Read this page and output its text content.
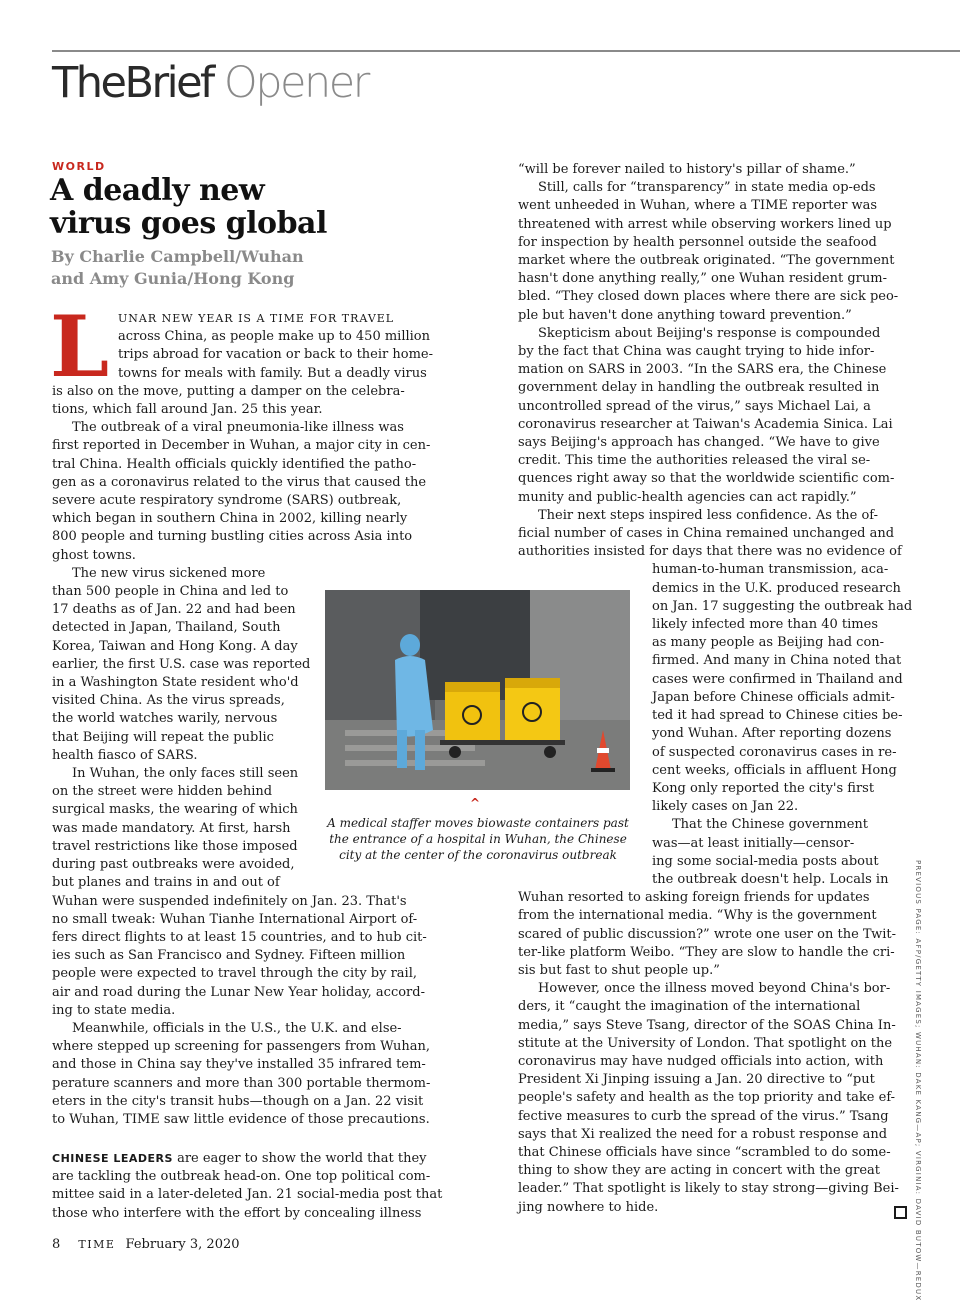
TheBrief Opener
WORLD
A deadly new
virus goes global
By Charlie Campbell/Wuhan
and Amy Gunia/Hong Kong
L UNAR NEW YEAR IS A TIME FOR TRAVEL
across China, as people make up to 450 million
trips abroad for vacation or back to their home-
towns for meals with family. But a deadly virus
is also on the move, putting a damper on the celebra-
tions, which fall around Jan. 25 this year.
The outbreak of a viral pneumonia-like illness was
first reported in December in Wuhan, a major city in cen-
tral China. Health officials quickly identified the patho-
gen as a coronavirus related to the virus that caused the
severe acute respiratory syndrome (SARS) outbreak,
which began in southern China in 2002, killing nearly
800 people and turning bustling cities across Asia into
ghost towns.
The new virus sickened more
than 500 people in China and led to
17 deaths as of Jan. 22 and had been
detected in Japan, Thailand, South
Korea, Taiwan and Hong Kong. A day
earlier, the first U.S. case was reported
in a Washington State resident who'd
visited China. As the virus spreads,
the world watches warily, nervous
that Beijing will repeat the public
health fiasco of SARS.
In Wuhan, the only faces still seen
on the street were hidden behind
surgical masks, the wearing of which
was made mandatory. At first, harsh
travel restrictions like those imposed
during past outbreaks were avoided,
but planes and trains in and out of
Wuhan were suspended indefinitely on Jan. 23. That's
no small tweak: Wuhan Tianhe International Airport of-
fers direct flights to at least 15 countries, and to hub cit-
ies such as San Francisco and Sydney. Fifteen million
people were expected to travel through the city by rail,
air and road during the Lunar New Year holiday, accord-
ing to state media.
Meanwhile, officials in the U.S., the U.K. and else-
where stepped up screening for passengers from Wuhan,
and those in China say they've installed 35 infrared tem-
perature scanners and more than 300 portable thermom-
eters in the city's transit hubs—though on a Jan. 22 visit
to Wuhan, TIME saw little evidence of those precautions.
CHINESE LEADERS are eager to show the world that they
are tackling the outbreak head-on. One top political com-
mittee said in a later-deleted Jan. 21 social-media post that
those who interfere with the effort by concealing illness
^
A medical staffer moves biowaste containers past
the entrance of a hospital in Wuhan, the Chinese
city at the center of the coronavirus outbreak
“will be forever nailed to history's pillar of shame.”
Still, calls for “transparency” in state media op-eds
went unheeded in Wuhan, where a TIME reporter was
threatened with arrest while observing workers lined up
for inspection by health personnel outside the seafood
market where the outbreak originated. “The government
hasn't done anything really,” one Wuhan resident grum-
bled. “They closed down places where there are sick peo-
ple but haven't done anything toward prevention.”
Skepticism about Beijing's response is compounded
by the fact that China was caught trying to hide infor-
mation on SARS in 2003. “In the SARS era, the Chinese
government delay in handling the outbreak resulted in
uncontrolled spread of the virus,” says Michael Lai, a
coronavirus researcher at Taiwan's Academia Sinica. Lai
says Beijing's approach has changed. “We have to give
credit. This time the authorities released the viral se-
quences right away so that the worldwide scientific com-
munity and public-health agencies can act rapidly.”
Their next steps inspired less confidence. As the of-
ficial number of cases in China remained unchanged and
authorities insisted for days that there was no evidence of
human-to-human transmission, aca-
demics in the U.K. produced research
on Jan. 17 suggesting the outbreak had
likely infected more than 40 times
as many people as Beijing had con-
firmed. And many in China noted that
cases were confirmed in Thailand and
Japan before Chinese officials admit-
ted it had spread to Chinese cities be-
yond Wuhan. After reporting dozens
of suspected coronavirus cases in re-
cent weeks, officials in affluent Hong
Kong only reported the city's first
likely cases on Jan 22.
That the Chinese government
was—at least initially—censor-
ing some social-media posts about
the outbreak doesn't help. Locals in
Wuhan resorted to asking foreign friends for updates
from the international media. “Why is the government
scared of public discussion?” wrote one user on the Twit-
ter-like platform Weibo. “They are slow to handle the cri-
sis but fast to shut people up.”
However, once the illness moved beyond China's bor-
ders, it “caught the imagination of the international
media,” says Steve Tsang, director of the SOAS China In-
stitute at the University of London. That spotlight on the
coronavirus may have nudged officials into action, with
President Xi Jinping issuing a Jan. 20 directive to “put
people's safety and health as the top priority and take ef-
fective measures to curb the spread of the virus.” Tsang
says that Xi realized the need for a robust response and
that Chinese officials have since “scrambled to do some-
thing to show they are acting in concert with the great
leader.” That spotlight is likely to stay strong—giving Bei-
jing nowhere to hide.	PREVIOUS PAGE: AFP/GETTY IMAGES; WUHAN: DAKE KANG—AP; VIRGINIA: DAVID BUTOW—REDUX
8 TIME February 3, 2020
